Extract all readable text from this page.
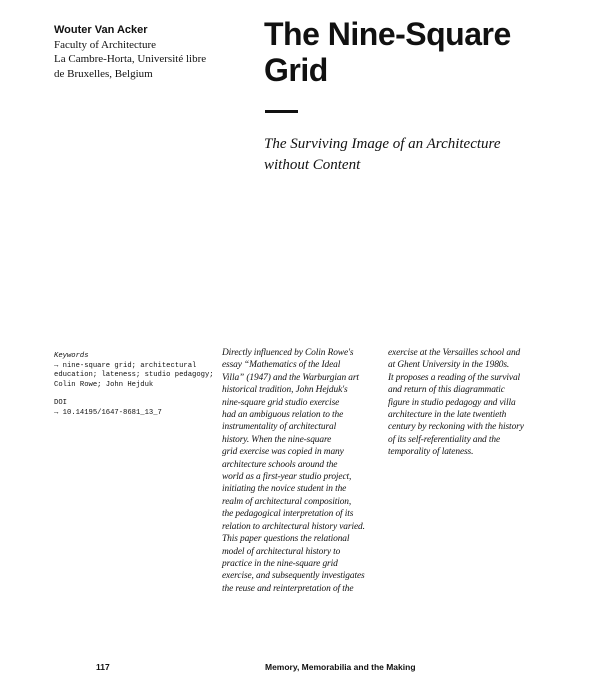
Wouter Van Acker
Faculty of Architecture
La Cambre-Horta, Université libre
de Bruxelles, Belgium
The Nine-Square
Grid
The Surviving Image of an Architecture
without Content
Keywords
→ nine-square grid; architectural
education; lateness; studio pedagogy;
Colin Rowe; John Hejduk
DOI
→ 10.14195/1647-8681_13_7
Directly influenced by Colin Rowe's
essay “Mathematics of the Ideal
Villa” (1947) and the Warburgian art
historical tradition, John Hejduk's
nine-square grid studio exercise
had an ambiguous relation to the
instrumentality of architectural
history. When the nine-square
grid exercise was copied in many
architecture schools around the
world as a first-year studio project,
initiating the novice student in the
realm of architectural composition,
the pedagogical interpretation of its
relation to architectural history varied.
This paper questions the relational
model of architectural history to
practice in the nine-square grid
exercise, and subsequently investigates
the reuse and reinterpretation of the
exercise at the Versailles school and
at Ghent University in the 1980s.
It proposes a reading of the survival
and return of this diagrammatic
figure in studio pedagogy and villa
architecture in the late twentieth
century by reckoning with the history
of its self-referentiality and the
temporality of lateness.
117	Memory, Memorabilia and the Making
